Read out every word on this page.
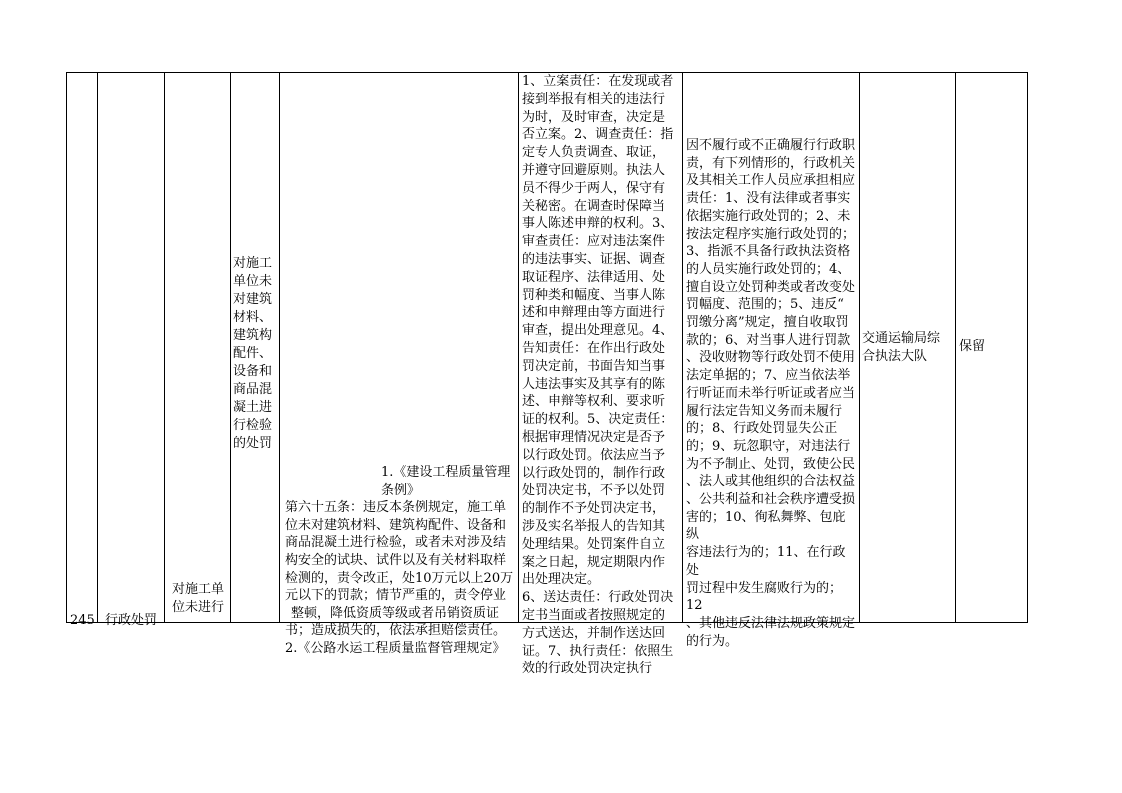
245 行政处罚
对施工单位未进行
对施工
单位未
对建筑
材料、
建筑构
配件、
设备和
商品混
凝土进
行检验
的处罚
1.《建设工程质量管理条例》
第六十五条：违反本条例规定，施工单
位未对建筑材料、建筑构配件、设备和
商品混凝土进行检验，或者未对涉及结
构安全的试块、试件以及有关材料取样
检测的，责令改正，处10万元以上20万
元以下的罚款；情节严重的，责令停业
整顿，降低资质等级或者吊销资质证
书；造成损失的，依法承担赔偿责任。
2.《公路水运工程质量监督管理规定》
1、立案责任：在发现或者
接到举报有相关的违法行
为时，及时审查，决定是
否立案。2、调查责任：指
定专人负责调查、取证，
并遵守回避原则。执法人
员不得少于两人，保守有
关秘密。在调查时保障当
事人陈述申辩的权利。3、
审查责任：应对违法案件
的违法事实、证据、调查
取证程序、法律适用、处
罚种类和幅度、当事人陈
述和申辩理由等方面进行
审查，提出处理意见。4、
告知责任：在作出行政处
罚决定前，书面告知当事
人违法事实及其享有的陈
述、申辩等权利、要求听
证的权利。5、决定责任：
根据审理情况决定是否予
以行政处罚。依法应当予
以行政处罚的，制作行政
处罚决定书，不予以处罚
的制作不予处罚决定书，
涉及实名举报人的告知其
处理结果。处罚案件自立
案之日起，规定期限内作
出处理决定。
6、送达责任：行政处罚决
定书当面或者按照规定的
方式送达，并制作送达回
证。7、执行责任：依照生
效的行政处罚决定执行
因不履行或不正确履行行政职
责，有下列情形的，行政机关
及其相关工作人员应承担相应
责任：1、没有法律或者事实
依据实施行政处罚的；2、未
按法定程序实施行政处罚的；
3、指派不具备行政执法资格
的人员实施行政处罚的；4、
擅自设立处罚种类或者改变处
罚幅度、范围的；5、违反“
罚缴分离”规定，擅自收取罚
款的；6、对当事人进行罚款
、没收财物等行政处罚不使用
法定单据的；7、应当依法举
行听证而未举行听证或者应当
履行法定告知义务而未履行
的；8、行政处罚显失公正
的；9、玩忽职守，对违法行
为不予制止、处罚，致使公民
、法人或其他组织的合法权益
、公共利益和社会秩序遭受损
害的；10、徇私舞弊、包庇纵
容违法行为的；11、在行政处
罚过程中发生腐败行为的；12
、其他违反法律法规政策规定
的行为。
交通运输局综
合执法大队
保留
